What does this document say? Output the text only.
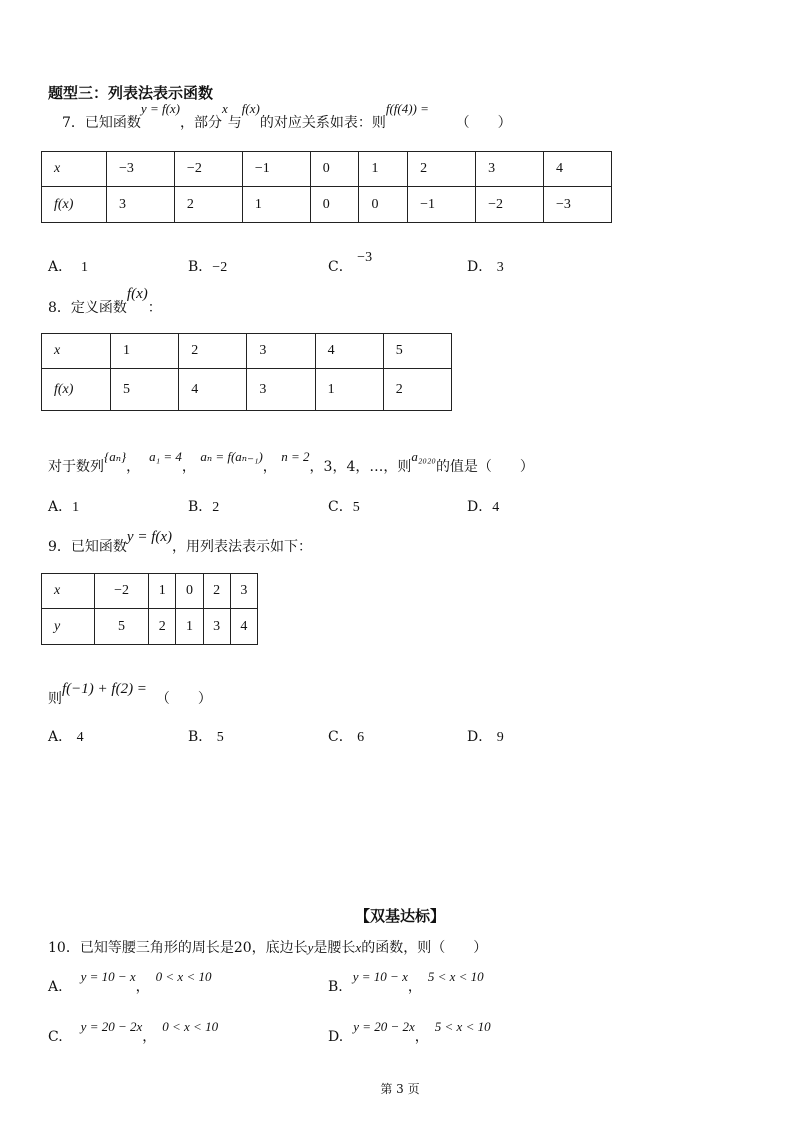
题型三：列表法表示函数
7．已知函数y = f(x)，部分x与f(x)的对应关系如表：则f(f(4)) =      （　　）
x	−3	−2	−1	0	1	2	3	4
f(x)	3	2	1	0	0	−1	−2	−3
A． 1	B．−2	C． −3
D． 3
8．定义函数f(x)：
x	1	2	3	4	5
f(x)	5	4	3	1	2
对于数列{aₙ}，  a₁ = 4， aₙ = f(aₙ₋₁)， n = 2，3，4，…，则a₂₀₂₀的值是（　　）
A．1	B．2	C．5	D．4
9．已知函数y = f(x)，用列表法表示如下：
x	−2	1	0	2	3
y	5	2	1	3	4
则f(−1) + f(2) =  （　　）
A． 4	B． 5	C． 6	D． 9
【双基达标】
10．已知等腰三角形的周长是20，底边长y是腰长x的函数，则（　　）
A.y = 10 − x，0 < x < 10
B.y = 10 − x，5 < x < 10
C.y = 20 − 2x，0 < x < 10
D.y = 20 − 2x，5 < x < 10
第 3 页
